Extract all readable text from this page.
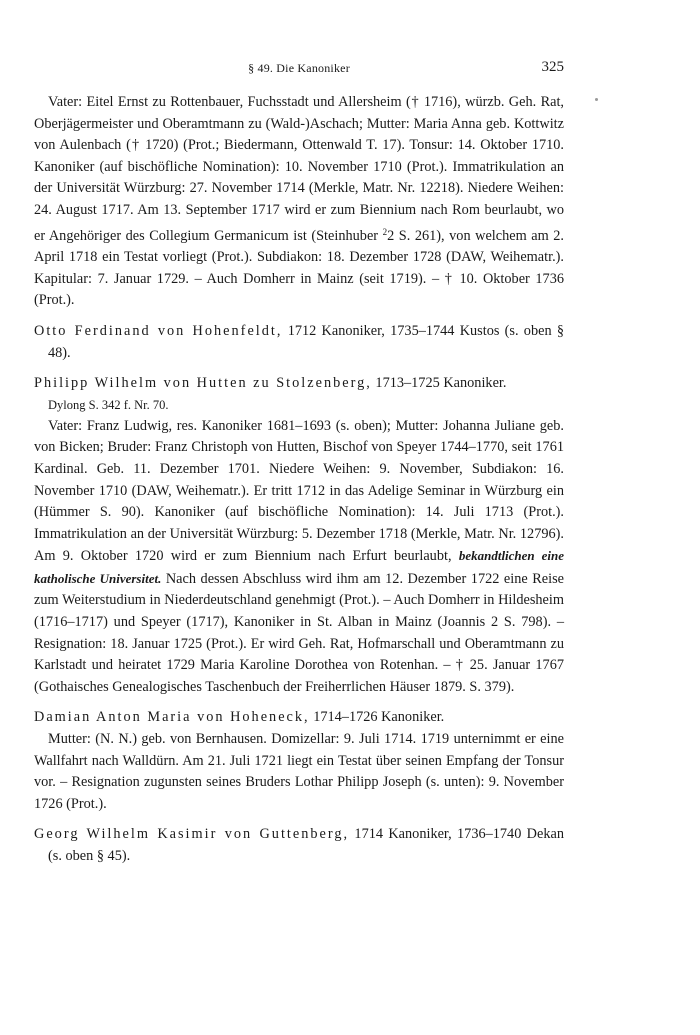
§ 49. Die Kanoniker	325

Vater: Eitel Ernst zu Rottenbauer, Fuchsstadt und Allersheim († 1716), würzb. Geh. Rat, Oberjägermeister und Oberamtmann zu (Wald-)Aschach; Mutter: Maria Anna geb. Kottwitz von Aulenbach († 1720) (Prot.; Biedermann, Ottenwald T. 17). Tonsur: 14. Oktober 1710. Kanoniker (auf bischöfliche Nomination): 10. November 1710 (Prot.). Immatrikulation an der Universität Würzburg: 27. November 1714 (Merkle, Matr. Nr. 12218). Niedere Weihen: 24. August 1717. Am 13. September 1717 wird er zum Biennium nach Rom beurlaubt, wo er Angehöriger des Collegium Germanicum ist (Steinhuber $^2$2 S. 261), von welchem am 2. April 1718 ein Testat vorliegt (Prot.). Subdiakon: 18. Dezember 1728 (DAW, Weihematr.). Kapitular: 7. Januar 1729. – Auch Domherr in Mainz (seit 1719). – † 10. Oktober 1736 (Prot.).

Otto Ferdinand von Hohenfeldt, 1712 Kanoniker, 1735–1744 Kustos (s. oben § 48).

Philipp Wilhelm von Hutten zu Stolzenberg, 1713–1725 Kanoniker.

Dylong S. 342 f. Nr. 70.

Vater: Franz Ludwig, res. Kanoniker 1681–1693 (s. oben); Mutter: Johanna Juliane geb. von Bicken; Bruder: Franz Christoph von Hutten, Bischof von Speyer 1744–1770, seit 1761 Kardinal. Geb. 11. Dezember 1701. Niedere Weihen: 9. November, Subdiakon: 16. November 1710 (DAW, Weihematr.). Er tritt 1712 in das Adelige Seminar in Würzburg ein (Hümmer S. 90). Kanoniker (auf bischöfliche Nomination): 14. Juli 1713 (Prot.). Immatrikulation an der Universität Würzburg: 5. Dezember 1718 (Merkle, Matr. Nr. 12796). Am 9. Oktober 1720 wird er zum Biennium nach Erfurt beurlaubt, bekandtlichen eine katholische Universitet. Nach dessen Abschluss wird ihm am 12. Dezember 1722 eine Reise zum Weiterstudium in Niederdeutschland genehmigt (Prot.). – Auch Domherr in Hildesheim (1716–1717) und Speyer (1717), Kanoniker in St. Alban in Mainz (Joannis 2 S. 798). – Resignation: 18. Januar 1725 (Prot.). Er wird Geh. Rat, Hofmarschall und Oberamtmann zu Karlstadt und heiratet 1729 Maria Karoline Dorothea von Rotenhan. – † 25. Januar 1767 (Gothaisches Genealogisches Taschenbuch der Freiherrlichen Häuser 1879. S. 379).

Damian Anton Maria von Hoheneck, 1714–1726 Kanoniker.

Mutter: (N. N.) geb. von Bernhausen. Domizellar: 9. Juli 1714. 1719 unternimmt er eine Wallfahrt nach Walldürn. Am 21. Juli 1721 liegt ein Testat über seinen Empfang der Tonsur vor. – Resignation zugunsten seines Bruders Lothar Philipp Joseph (s. unten): 9. November 1726 (Prot.).

Georg Wilhelm Kasimir von Guttenberg, 1714 Kanoniker, 1736–1740 Dekan (s. oben § 45).
